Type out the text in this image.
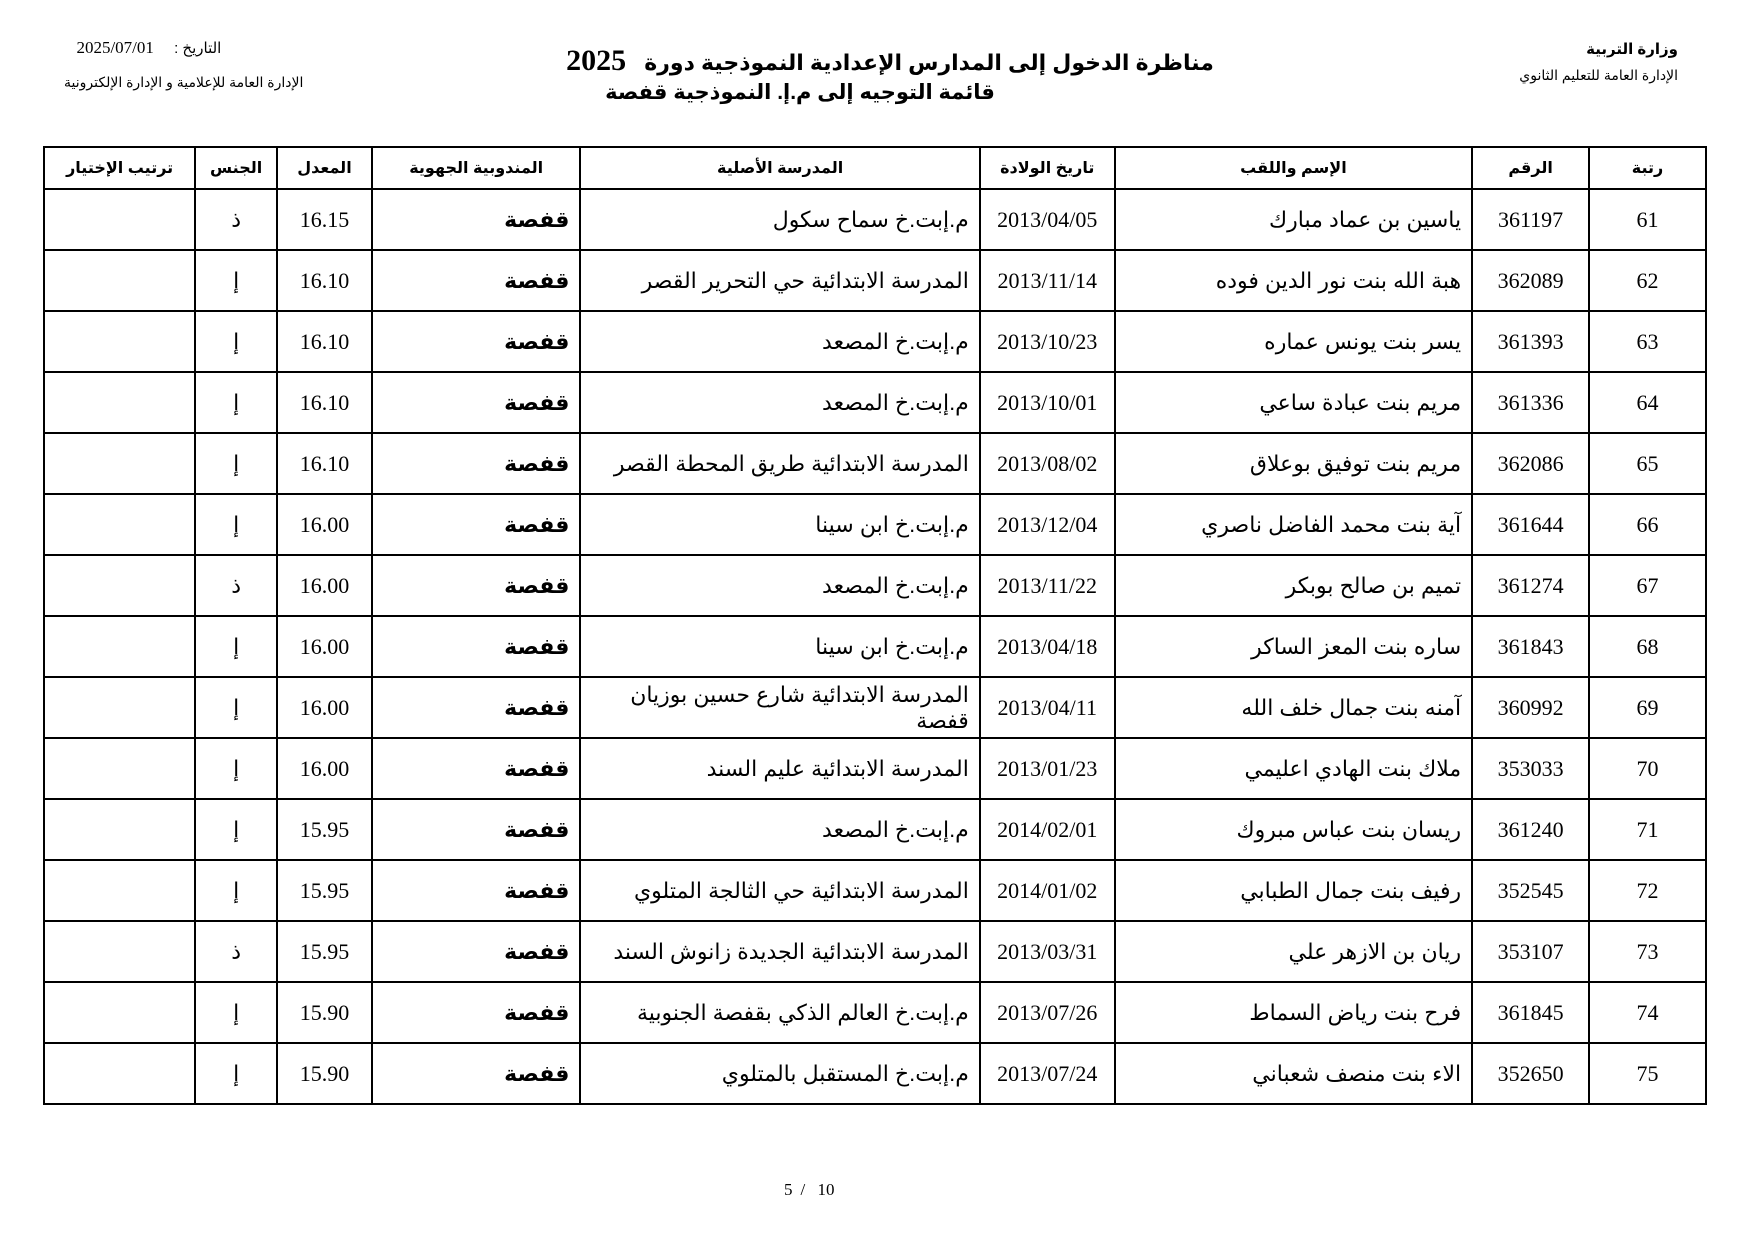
وزارة التربية
الإدارة العامة للتعليم الثانوي
مناظرة الدخول إلى المدارس الإعدادية النموذجية دورة 2025
قائمة التوجيه إلى م.إ. النموذجية قفصة
التاريخ : 2025/07/01
الإدارة العامة للإعلامية و الإدارة الإلكترونية
رتبة	الرقم	الإسم واللقب	تاريخ الولادة	المدرسة الأصلية	المندوبية الجهوية	المعدل	الجنس	ترتيب الإختيار
61	361197	ياسين بن عماد مبارك	2013/04/05	م.إبت.خ سماح سكول	قفصة	16.15	ذ	
62	362089	هبة الله بنت نور الدين فوده	2013/11/14	المدرسة الابتدائية حي التحرير القصر	قفصة	16.10	إ	
63	361393	يسر بنت يونس عماره	2013/10/23	م.إبت.خ المصعد	قفصة	16.10	إ	
64	361336	مريم بنت عبادة ساعي	2013/10/01	م.إبت.خ المصعد	قفصة	16.10	إ	
65	362086	مريم بنت توفيق بوعلاق	2013/08/02	المدرسة الابتدائية طريق المحطة القصر	قفصة	16.10	إ	
66	361644	آية بنت محمد الفاضل ناصري	2013/12/04	م.إبت.خ ابن سينا	قفصة	16.00	إ	
67	361274	تميم بن صالح بوبكر	2013/11/22	م.إبت.خ المصعد	قفصة	16.00	ذ	
68	361843	ساره بنت المعز الساكر	2013/04/18	م.إبت.خ ابن سينا	قفصة	16.00	إ	
69	360992	آمنه بنت جمال خلف الله	2013/04/11	المدرسة الابتدائية شارع حسين بوزيان قفصة	قفصة	16.00	إ	
70	353033	ملاك بنت الهادي اعليمي	2013/01/23	المدرسة الابتدائية عليم السند	قفصة	16.00	إ	
71	361240	ريسان بنت عباس مبروك	2014/02/01	م.إبت.خ المصعد	قفصة	15.95	إ	
72	352545	رفيف بنت جمال الطبابي	2014/01/02	المدرسة الابتدائية حي الثالجة المتلوي	قفصة	15.95	إ	
73	353107	ريان بن الازهر علي	2013/03/31	المدرسة الابتدائية الجديدة زانوش السند	قفصة	15.95	ذ	
74	361845	فرح بنت رياض السماط	2013/07/26	م.إبت.خ العالم الذكي بقفصة الجنوبية	قفصة	15.90	إ	
75	352650	الاء بنت منصف شعباني	2013/07/24	م.إبت.خ المستقبل بالمتلوي	قفصة	15.90	إ	
5 / 10
